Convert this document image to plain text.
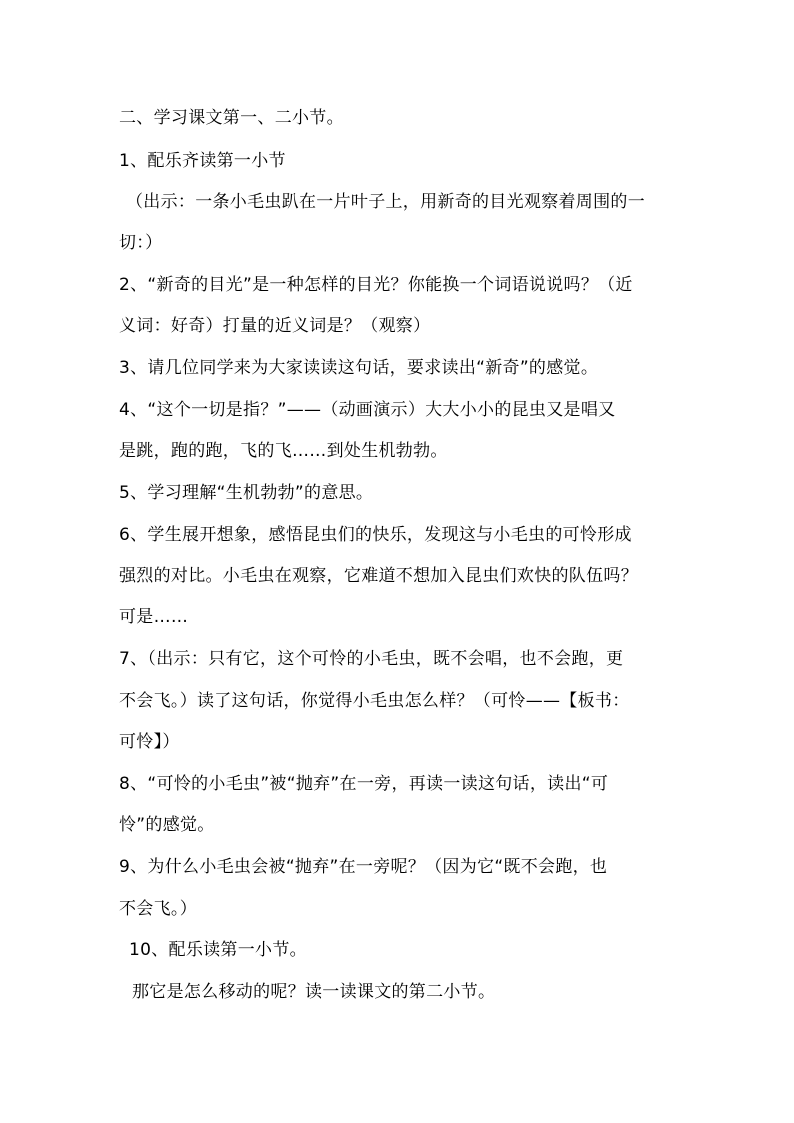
二、学习课文第一、二小节。
1、配乐齐读第一小节
（出示：一条小毛虫趴在一片叶子上，用新奇的目光观察着周围的一
切：）
2、“新奇的目光”是一种怎样的目光？你能换一个词语说说吗？（近
义词：好奇）打量的近义词是？（观察）
3、请几位同学来为大家读读这句话，要求读出“新奇”的感觉。
4、“这个一切是指？”——（动画演示）大大小小的昆虫又是唱又
是跳，跑的跑，飞的飞……到处生机勃勃。
5、学习理解“生机勃勃”的意思。
6、学生展开想象，感悟昆虫们的快乐，发现这与小毛虫的可怜形成
强烈的对比。小毛虫在观察，它难道不想加入昆虫们欢快的队伍吗？
可是……
7、（出示：只有它，这个可怜的小毛虫，既不会唱，也不会跑，更
不会飞。）读了这句话，你觉得小毛虫怎么样？（可怜——【板书：
可怜】）
8、“可怜的小毛虫”被“抛弃”在一旁，再读一读这句话，读出“可
怜”的感觉。
9、为什么小毛虫会被“抛弃”在一旁呢？（因为它“既不会跑，也
不会飞。）
10、配乐读第一小节。
那它是怎么移动的呢？读一读课文的第二小节。
